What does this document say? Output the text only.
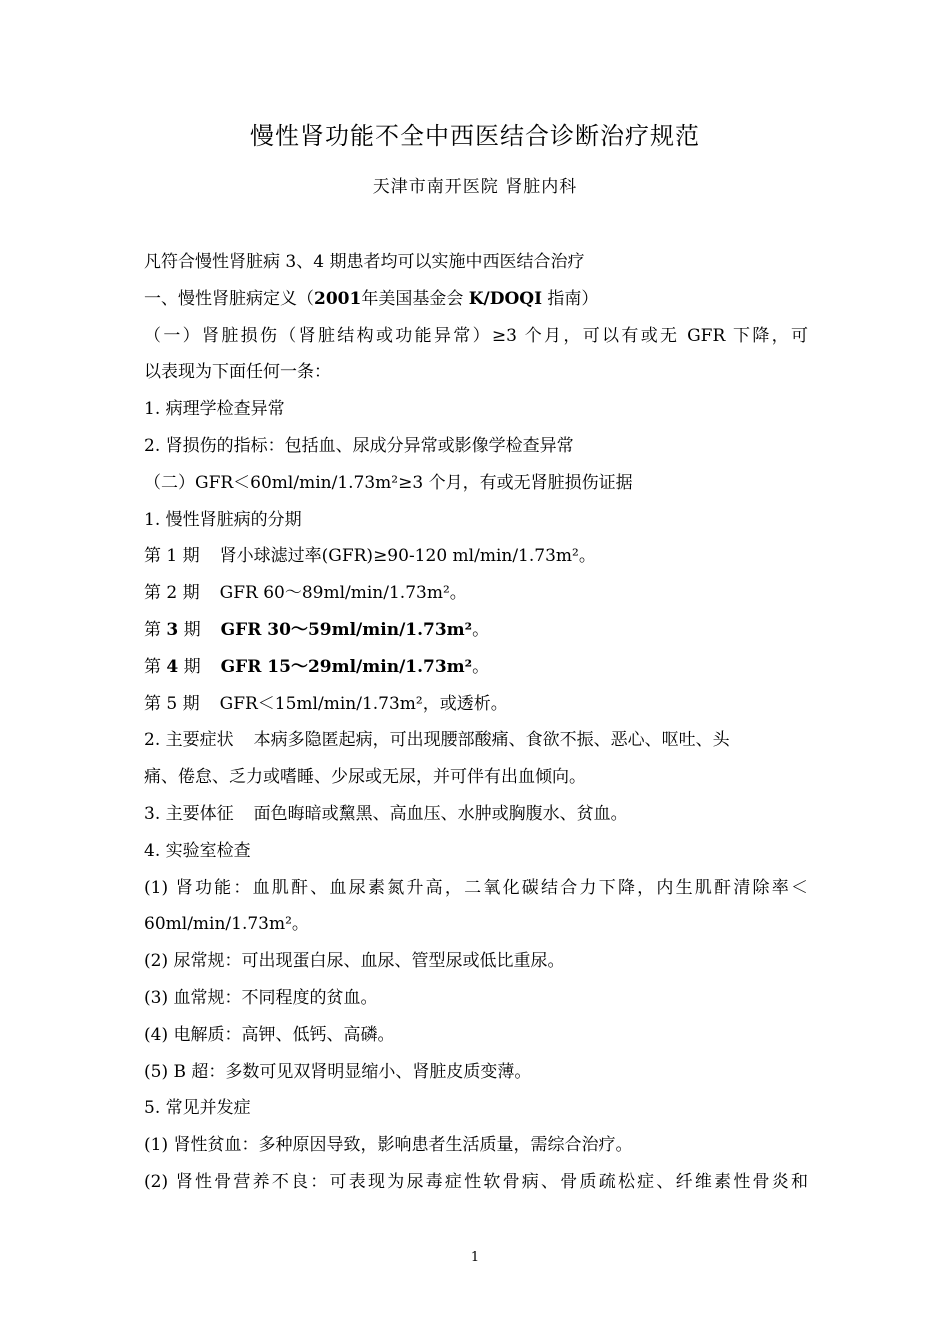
慢性肾功能不全中西医结合诊断治疗规范
天津市南开医院 肾脏内科
凡符合慢性肾脏病 3、4 期患者均可以实施中西医结合治疗
一、慢性肾脏病定义（2001年美国基金会 K/DOQI 指南）
（一）肾脏损伤（肾脏结构或功能异常）≥3 个月，可以有或无 GFR 下降，可
以表现为下面任何一条：
1. 病理学检查异常
2. 肾损伤的指标：包括血、尿成分异常或影像学检查异常
（二）GFR＜60ml/min/1.73m²≥3 个月，有或无肾脏损伤证据
1. 慢性肾脏病的分期
第 1 期 肾小球滤过率(GFR)≥90-120 ml/min/1.73m²。
第 2 期 GFR 60～89ml/min/1.73m²。
第 3 期 GFR 30～59ml/min/1.73m²。
第 4 期 GFR 15～29ml/min/1.73m²。
第 5 期 GFR＜15ml/min/1.73m²，或透析。
2. 主要症状 本病多隐匿起病，可出现腰部酸痛、食欲不振、恶心、呕吐、头
痛、倦怠、乏力或嗜睡、少尿或无尿，并可伴有出血倾向。
3. 主要体征 面色晦暗或黧黑、高血压、水肿或胸腹水、贫血。
4. 实验室检查
(1) 肾功能：血肌酐、血尿素氮升高，二氧化碳结合力下降，内生肌酐清除率＜
60ml/min/1.73m²。
(2) 尿常规：可出现蛋白尿、血尿、管型尿或低比重尿。
(3) 血常规：不同程度的贫血。
(4) 电解质：高钾、低钙、高磷。
(5) B 超：多数可见双肾明显缩小、肾脏皮质变薄。
5. 常见并发症
(1) 肾性贫血：多种原因导致，影响患者生活质量，需综合治疗。
(2) 肾性骨营养不良：可表现为尿毒症性软骨病、骨质疏松症、纤维素性骨炎和
1
